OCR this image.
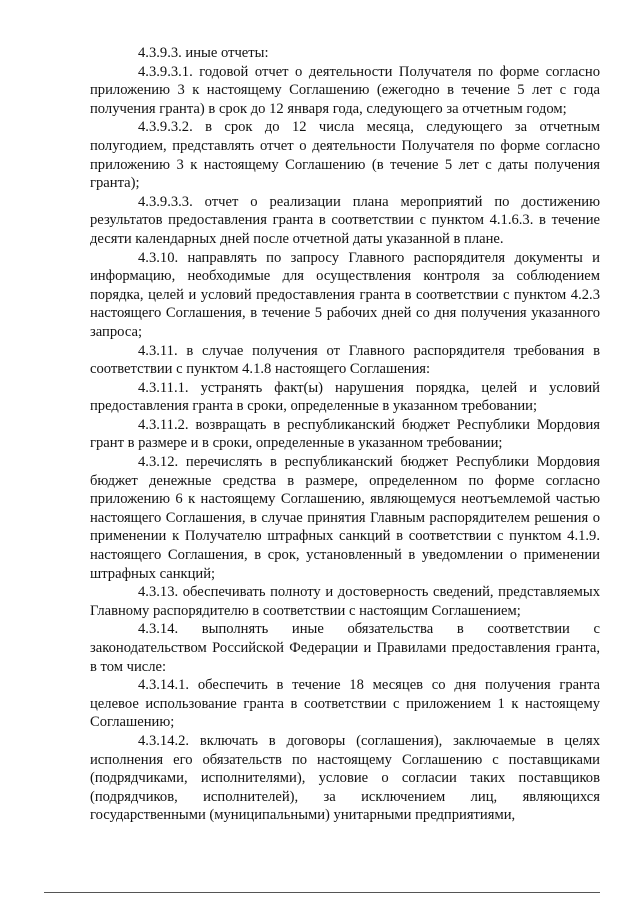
4.3.9.3. иные отчеты:

4.3.9.3.1. годовой отчет о деятельности Получателя по форме согласно приложению 3 к настоящему Соглашению (ежегодно в течение 5 лет с года получения гранта) в срок до 12 января года, следующего за отчетным годом;

4.3.9.3.2. в срок до 12 числа месяца, следующего за отчетным полугодием, представлять отчет о деятельности Получателя по форме согласно приложению 3 к настоящему Соглашению (в течение 5 лет с даты получения гранта);

4.3.9.3.3. отчет о реализации плана мероприятий по достижению результатов предоставления гранта в соответствии с пунктом 4.1.6.3. в течение десяти календарных дней после отчетной даты указанной в плане.

4.3.10. направлять по запросу Главного распорядителя документы и информацию, необходимые для осуществления контроля за соблюдением порядка, целей и условий предоставления гранта в соответствии с пунктом 4.2.3 настоящего Соглашения, в течение 5 рабочих дней со дня получения указанного запроса;

4.3.11. в случае получения от Главного распорядителя требования в соответствии с пунктом 4.1.8 настоящего Соглашения:

4.3.11.1. устранять факт(ы) нарушения порядка, целей и условий предоставления гранта в сроки, определенные в указанном требовании;

4.3.11.2. возвращать в республиканский бюджет Республики Мордовия грант в размере и в сроки, определенные в указанном требовании;

4.3.12. перечислять в республиканский бюджет Республики Мордовия бюджет денежные средства в размере, определенном по форме согласно приложению 6 к настоящему Соглашению, являющемуся неотъемлемой частью настоящего Соглашения, в случае принятия Главным распорядителем решения о применении к Получателю штрафных санкций в соответствии с пунктом 4.1.9. настоящего Соглашения, в срок, установленный в уведомлении о применении штрафных санкций;

4.3.13. обеспечивать полноту и достоверность сведений, представляемых Главному распорядителю в соответствии с настоящим Соглашением;

4.3.14. выполнять иные обязательства в соответствии с законодательством Российской Федерации и Правилами предоставления гранта, в том числе:

4.3.14.1. обеспечить в течение 18 месяцев со дня получения гранта целевое использование гранта в соответствии с приложением 1 к настоящему Соглашению;

4.3.14.2. включать в договоры (соглашения), заключаемые в целях исполнения его обязательств по настоящему Соглашению с поставщиками (подрядчиками, исполнителями), условие о согласии таких поставщиков (подрядчиков, исполнителей), за исключением лиц, являющихся государственными (муниципальными) унитарными предприятиями,
